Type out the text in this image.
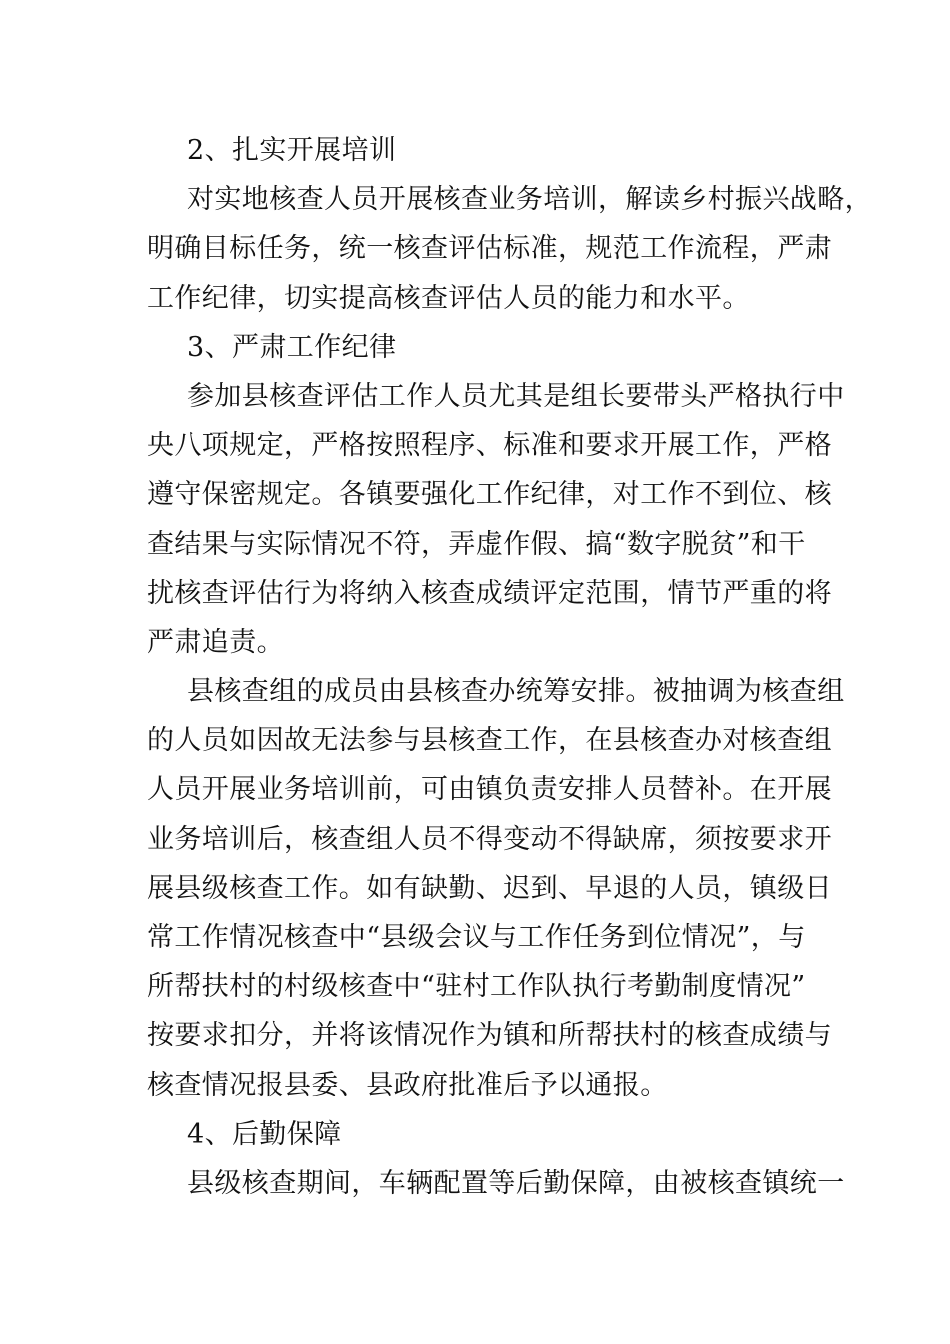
2、扎实开展培训
对实地核查人员开展核查业务培训，解读乡村振兴战略，
明确目标任务，统一核查评估标准，规范工作流程，严肃
工作纪律，切实提高核查评估人员的能力和水平。
3、严肃工作纪律
参加县核查评估工作人员尤其是组长要带头严格执行中
央八项规定，严格按照程序、标准和要求开展工作，严格
遵守保密规定。各镇要强化工作纪律，对工作不到位、核
查结果与实际情况不符，弄虚作假、搞“数字脱贫”和干
扰核查评估行为将纳入核查成绩评定范围，情节严重的将
严肃追责。
县核查组的成员由县核查办统筹安排。被抽调为核查组
的人员如因故无法参与县核查工作，在县核查办对核查组
人员开展业务培训前，可由镇负责安排人员替补。在开展
业务培训后，核查组人员不得变动不得缺席，须按要求开
展县级核查工作。如有缺勤、迟到、早退的人员，镇级日
常工作情况核查中“县级会议与工作任务到位情况”，与
所帮扶村的村级核查中“驻村工作队执行考勤制度情况”
按要求扣分，并将该情况作为镇和所帮扶村的核查成绩与
核查情况报县委、县政府批准后予以通报。
4、后勤保障
县级核查期间，车辆配置等后勤保障，由被核查镇统一
